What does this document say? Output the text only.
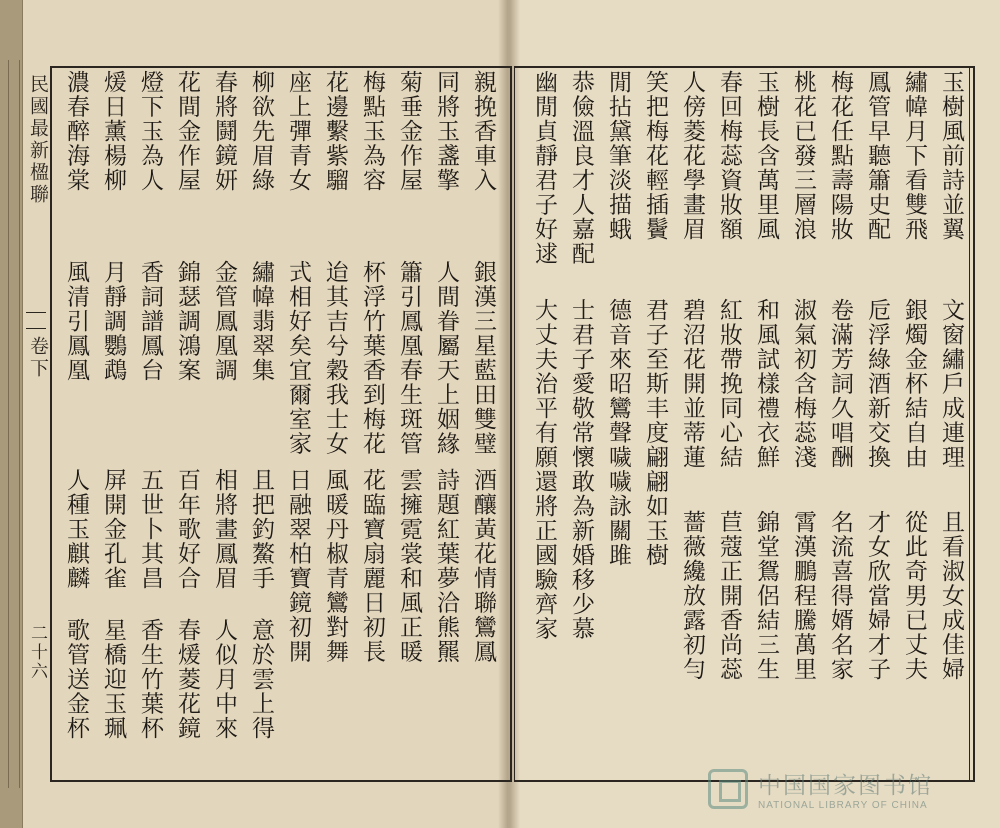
民國最新楹聯
卷下
二十六
玉樹風前詩並翼
繡幃月下看雙飛
鳳管早聽簫史配
梅花任點壽陽妝
桃花已發三層浪
玉樹長含萬里風
春回梅蕊資妝額
人傍菱花學畫眉
笑把梅花輕插鬢
閒拈黛筆淡描蛾
恭儉溫良才人嘉配
幽閒貞靜君子好逑
文窗繡戶成連理
銀燭金杯結自由
卮浮綠酒新交換
卷滿芳詞久唱酬
淑氣初含梅蕊淺
和風試樣禮衣鮮
紅妝帶挽同心結
碧沼花開並蒂蓮
君子至斯丰度翩翩如玉樹
德音來昭鸞聲噦噦詠關雎
士君子愛敬常懷敢為新婚移少慕
大丈夫治平有願還將正國驗齊家	且看淑女成佳婦
從此奇男已丈夫
才女欣當婦才子
名流喜得婿名家
霄漢鵬程騰萬里
錦堂鴛侶結三生
苣蔻正開香尚蕊
薔薇纔放露初勻
親挽香車入
同將玉盞擎
菊垂金作屋
梅點玉為容
花邊繫紫騮
座上彈青女
柳欲先眉綠
春將鬪鏡妍
花間金作屋
燈下玉為人
煖日薰楊柳
濃春醉海棠
銀漢三星藍田雙璧
人間眷屬天上姻緣
簫引鳳凰春生斑管
杯浮竹葉香到梅花
迨其吉兮穀我士女
式相好矣宜爾室家
繡幃翡翠集
金管鳳凰調
錦瑟調鴻案
香詞譜鳳台
月靜調鸚鵡
風清引鳳凰
酒釀黃花情聯鸞鳳
詩題紅葉夢洽熊羆
雲擁霓裳和風正暖
花臨寶扇麗日初長
風暖丹椒青鸞對舞
日融翠柏寶鏡初開
且把釣鰲手
意於雲上得
相將畫鳳眉
人似月中來
百年歌好合
春煖菱花鏡
五世卜其昌
香生竹葉杯
屏開金孔雀
星橋迎玉珮
人種玉麒麟
歌管送金杯
中国国家图书馆
NATIONAL LIBRARY OF CHINA
